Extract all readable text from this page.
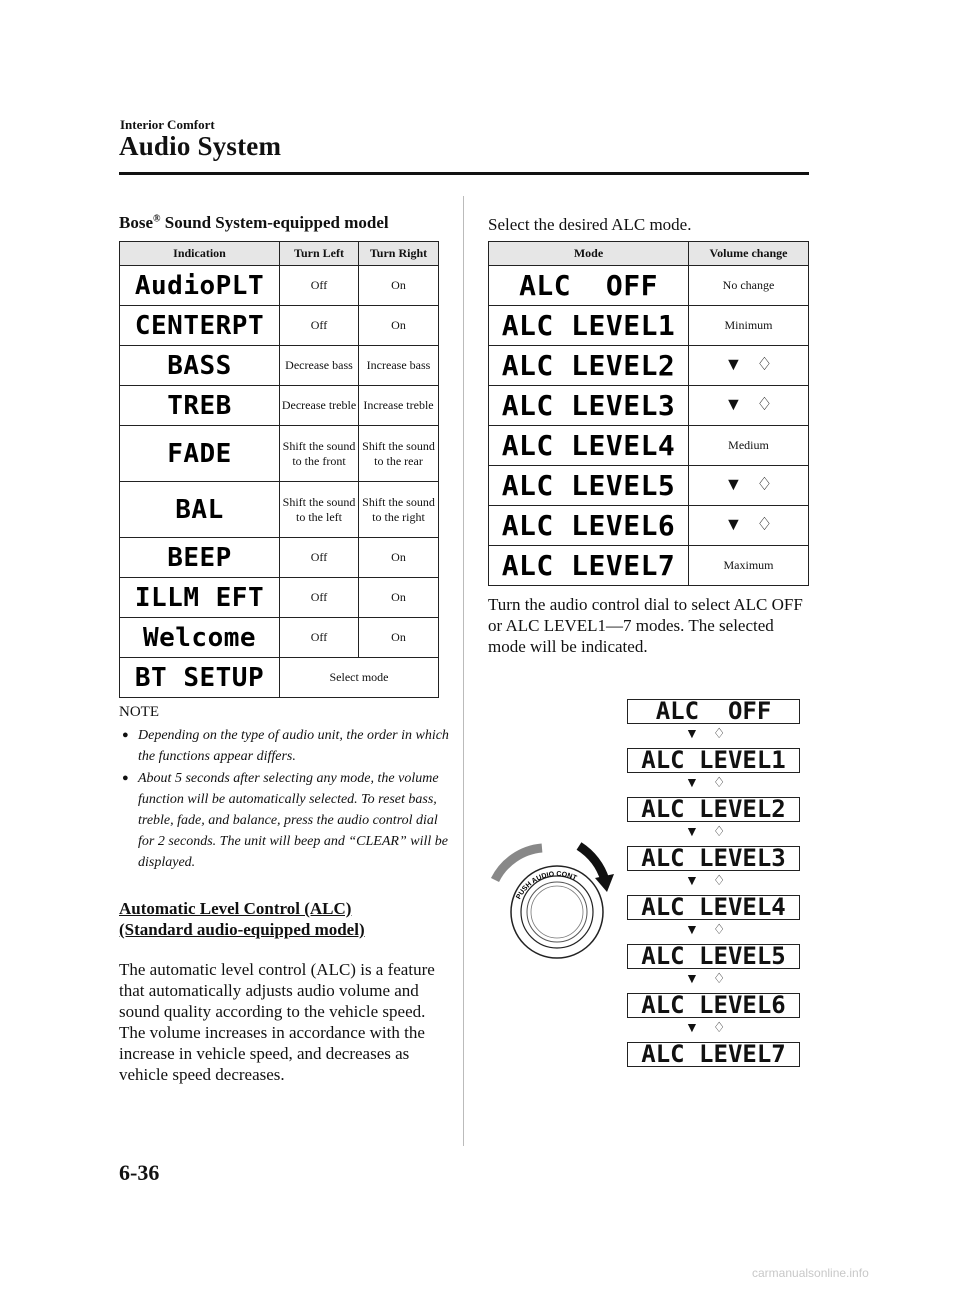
Interior Comfort
Audio System
Bose® Sound System-equipped model
Indication	Turn Left	Turn Right
AudioPLT	Off	On
CENTERPT	Off	On
BASS	Decrease bass	Increase bass
TREB	Decrease treble	Increase treble
FADE	Shift the sound to the front	Shift the sound to the rear
BAL	Shift the sound to the left	Shift the sound to the right
BEEP	Off	On
ILLM EFT	Off	On
Welcome	Off	On
BT SETUP	Select mode	
NOTE
● Depending on the type of audio unit, the order in which the functions appear differs.
● About 5 seconds after selecting any mode, the volume function will be automatically selected. To reset bass, treble, fade, and balance, press the audio control dial for 2 seconds. The unit will beep and “CLEAR” will be displayed.
Automatic Level Control (ALC)
(Standard audio-equipped model)
The automatic level control (ALC) is a feature that automatically adjusts audio volume and sound quality according to the vehicle speed.
The volume increases in accordance with the increase in vehicle speed, and decreases as vehicle speed decreases.
Select the desired ALC mode.
Mode	Volume change
ALC  OFF	No change
ALC LEVEL1	Minimum
ALC LEVEL2	▼ ♢

ALC LEVEL3	▼ ♢

ALC LEVEL4	Medium
ALC LEVEL5	▼ ♢

ALC LEVEL6	▼ ♢

ALC LEVEL7	Maximum
Turn the audio control dial to select ALC OFF or ALC LEVEL1―7 modes. The selected mode will be indicated.
PUSH AUDIO CONT
ALC  OFF
▼ ♢
ALC LEVEL1
▼ ♢
ALC LEVEL2
▼ ♢
ALC LEVEL3
▼ ♢
ALC LEVEL4
▼ ♢
ALC LEVEL5
▼ ♢
ALC LEVEL6
▼ ♢
ALC LEVEL7
6-36
carmanualsonline.info
